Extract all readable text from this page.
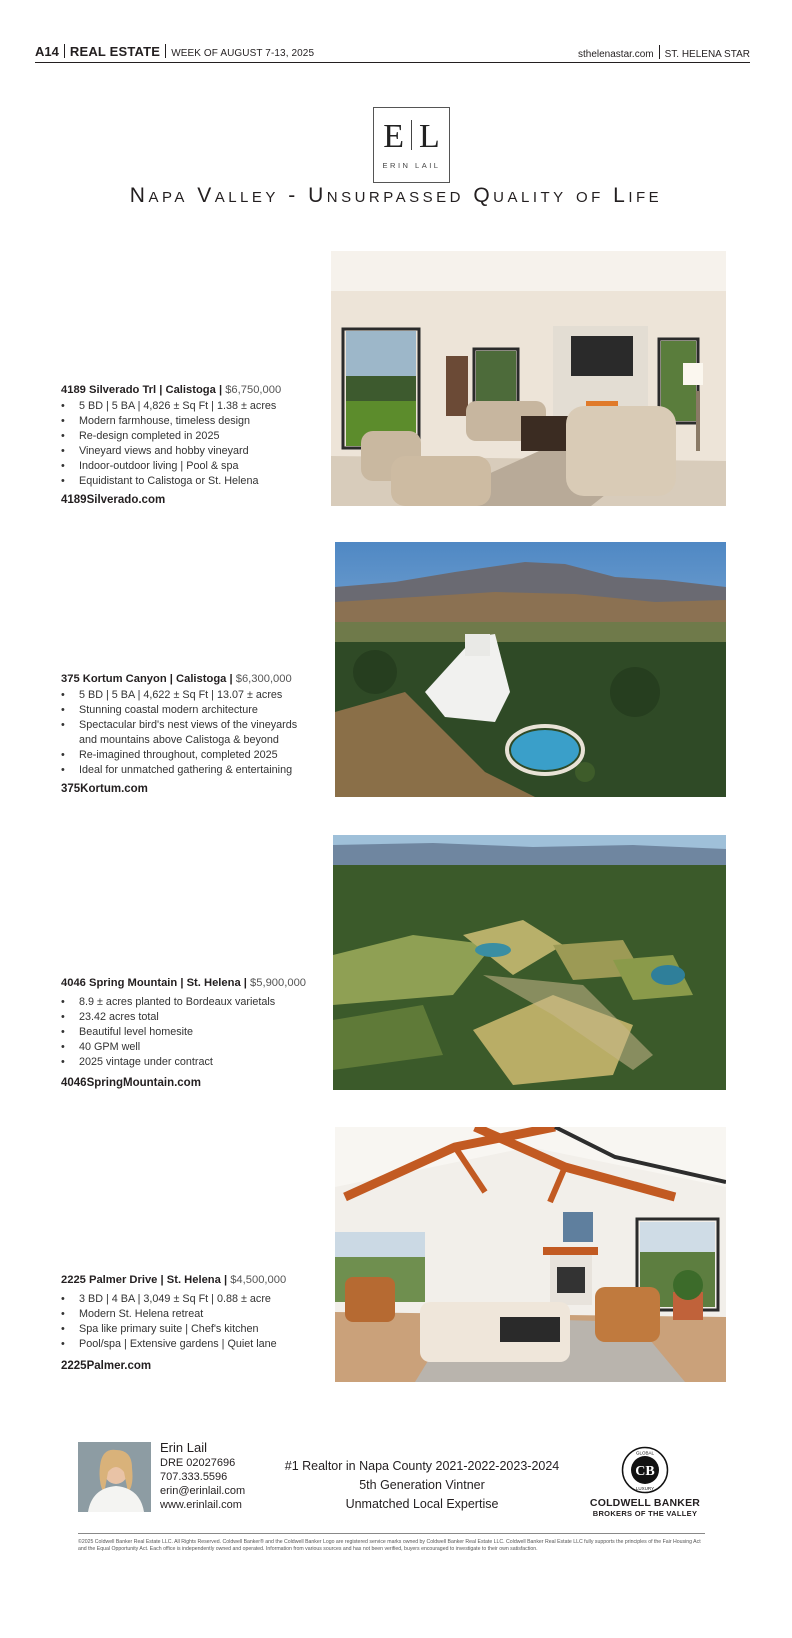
A14 REAL ESTATE WEEK OF AUGUST 7-13, 2025	sthelenastar.com ST. HELENA STAR
E L
ERIN LAIL
Napa Valley - Unsurpassed Quality of Life
4189 Silverado Trl | Calistoga | $6,750,000
• 5 BD | 5 BA | 4,826 ± Sq Ft | 1.38 ± acres
• Modern farmhouse, timeless design
• Re-design completed in 2025
• Vineyard views and hobby vineyard
• Indoor-outdoor living | Pool & spa
• Equidistant to Calistoga or St. Helena
4189Silverado.com
375 Kortum Canyon | Calistoga | $6,300,000
• 5 BD | 5 BA | 4,622 ± Sq Ft | 13.07 ± acres
• Stunning coastal modern architecture
• Spectacular bird's nest views of the vineyards
and mountains above Calistoga & beyond
• Re-imagined throughout, completed 2025
• Ideal for unmatched gathering & entertaining
375Kortum.com
4046 Spring Mountain | St. Helena | $5,900,000
• 8.9 ± acres planted to Bordeaux varietals
• 23.42 acres total
• Beautiful level homesite
• 40 GPM well
• 2025 vintage under contract
4046SpringMountain.com
2225 Palmer Drive | St. Helena | $4,500,000
• 3 BD | 4 BA | 3,049 ± Sq Ft | 0.88 ± acre
• Modern St. Helena retreat
• Spa like primary suite | Chef's kitchen
• Pool/spa | Extensive gardens | Quiet lane
2225Palmer.com
Erin Lail
DRE 02027696
707.333.5596
erin@erinlail.com
www.erinlail.com
#1 Realtor in Napa County 2021-2022-2023-2024
5th Generation Vintner
Unmatched Local Expertise
CB
GLOBAL
LUXURY
COLDWELL BANKER
BROKERS OF THE VALLEY
©2025 Coldwell Banker Real Estate LLC. All Rights Reserved. Coldwell Banker® and the Coldwell Banker Logo are registered service marks owned by Coldwell Banker Real Estate LLC. Coldwell Banker Real Estate LLC fully supports the principles of the Fair Housing Act and the Equal Opportunity Act. Each office is independently owned and operated. Information from various sources and has not been verified, buyers encouraged to investigate to their own satisfaction.
